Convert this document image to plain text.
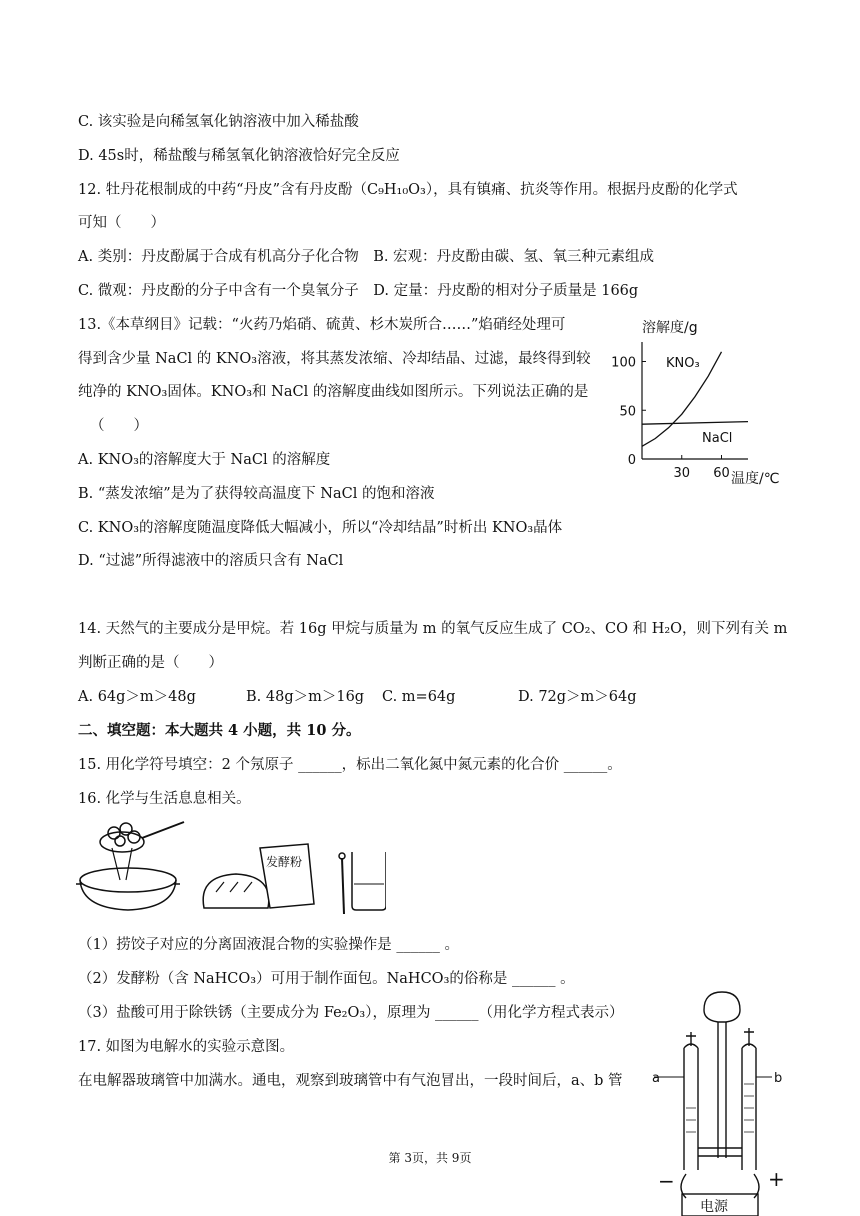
C. 该实验是向稀氢氧化钠溶液中加入稀盐酸
D. 45s时，稀盐酸与稀氢氧化钠溶液恰好完全反应
12. 牡丹花根制成的中药“丹皮”含有丹皮酚（C₉H₁₀O₃），具有镇痛、抗炎等作用。根据丹皮酚的化学式
可知（　　）
A. 类别：丹皮酚属于合成有机高分子化合物　B. 宏观：丹皮酚由碳、氢、氧三种元素组成
C. 微观：丹皮酚的分子中含有一个臭氧分子　D. 定量：丹皮酚的相对分子质量是 166g
13.《本草纲目》记载：“火药乃焰硝、硫黄、杉木炭所合……”焰硝经处理可
得到含少量 NaCl 的 KNO₃溶液，将其蒸发浓缩、冷却结晶、过滤，最终得到较
纯净的 KNO₃固体。KNO₃和 NaCl 的溶解度曲线如图所示。下列说法正确的是
（　　）
A. KNO₃的溶解度大于 NaCl 的溶解度
B. “蒸发浓缩”是为了获得较高温度下 NaCl 的饱和溶液
C. KNO₃的溶解度随温度降低大幅减小，所以“冷却结晶”时析出 KNO₃晶体
D. “过滤”所得滤液中的溶质只含有 NaCl
14. 天然气的主要成分是甲烷。若 16g 甲烷与质量为 m 的氧气反应生成了 CO₂、CO 和 H₂O，则下列有关 m
判断正确的是（　　）
A. 64g＞m＞48g	B. 48g＞m＞16g C. m=64g	D. 72g＞m＞64g
二、填空题：本大题共 4 小题，共 10 分。
15. 用化学符号填空：2 个氖原子 ______，标出二氧化氮中氮元素的化合价 ______。
16. 化学与生活息息相关。
（1）捞饺子对应的分离固液混合物的实验操作是 ______ 。
（2）发酵粉（含 NaHCO₃）可用于制作面包。NaHCO₃的俗称是 ______ 。
（3）盐酸可用于除铁锈（主要成分为 Fe₂O₃），原理为 ______（用化学方程式表示）
17. 如图为电解水的实验示意图。
在电解器玻璃管中加满水。通电，观察到玻璃管中有气泡冒出，一段时间后，a、b 管
第 3页，共 9页
溶解度/g
100
50
0
30 60
KNO₃
NaCl
温度/℃
发酵粉
a	b
−	+
电源
